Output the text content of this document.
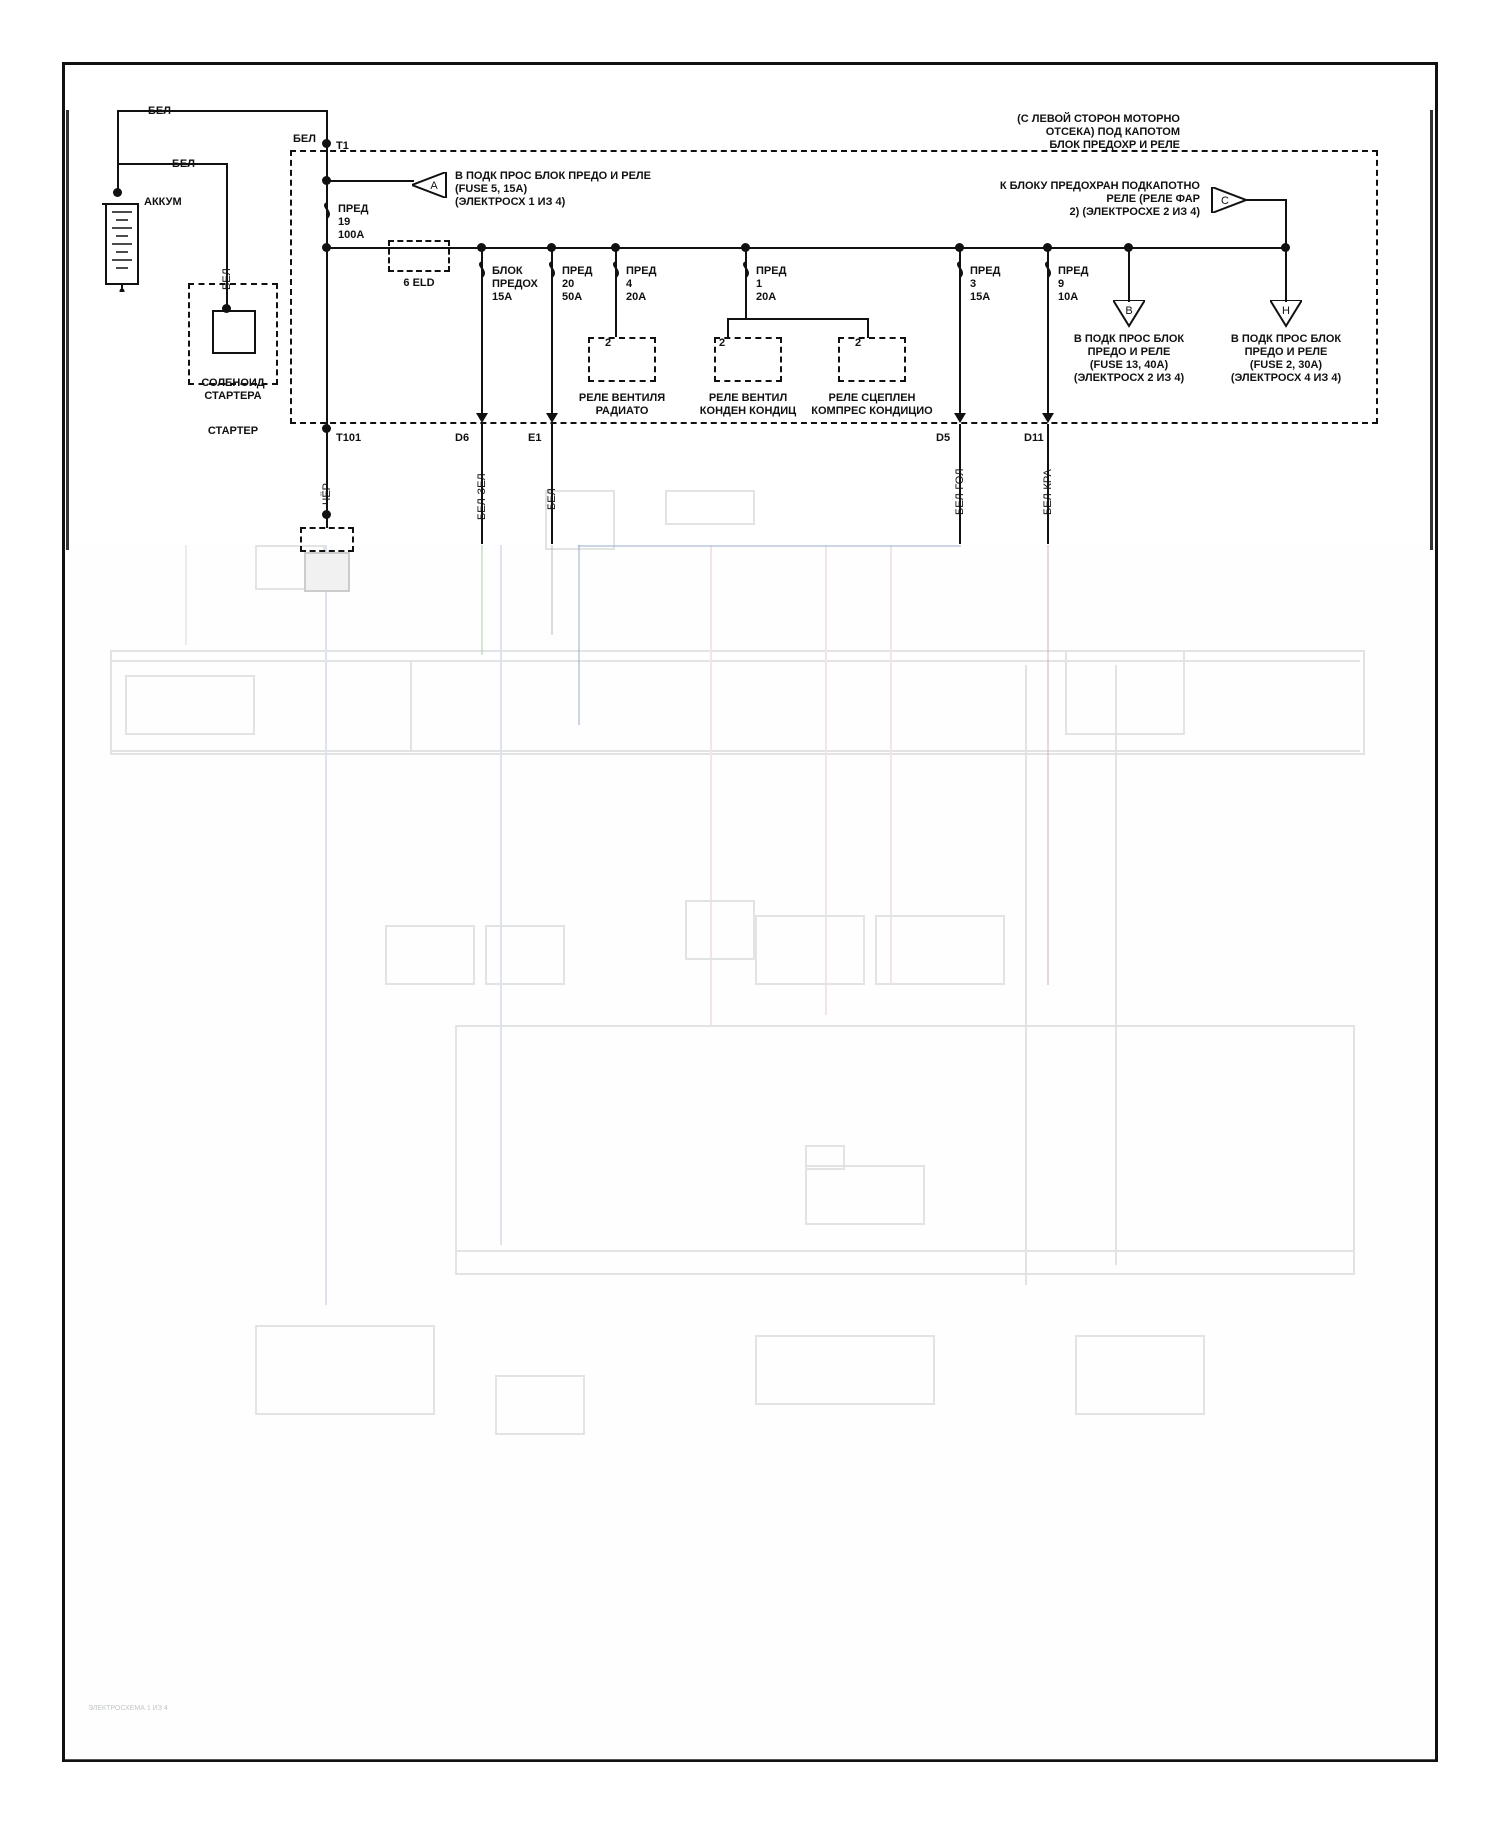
ЭЛЕКТРОСХЕМА 1 ИЗ 4
(С ЛЕВОЙ СТОРОН МОТОРНО
ОТСЕКА) ПОД КАПОТОМ
БЛОК ПРЕДОХР И РЕЛЕ
АККУМ
БЕЛ
БЕЛ
БЕЛ
СОЛЕНОИД
СТАРТЕРА
СТАРТЕР
БЕЛ
T1
T101
ЧЁР
A
В ПОДК ПРОС БЛОК ПРЕДО И РЕЛЕ
(FUSE 5, 15A)
(ЭЛЕКТРОСХ 1 ИЗ 4)	C
К БЛОКУ ПРЕДОХРАН ПОДКАПОТНО
РЕЛЕ (РЕЛЕ ФАР
2) (ЭЛЕКТРОСХЕ 2 ИЗ 4)
ПРЕД
19
100A
6 ELD
БЛОК
ПРЕДОХ
15A
D6
БЕЛ-ЗЕЛ
ПРЕД
20
50A
E1
БЕЛ
ПРЕД
4
20A
2
РЕЛЕ ВЕНТИЛЯ
РАДИАТО
ПРЕД
1
20A
2
РЕЛЕ ВЕНТИЛ
КОНДЕН КОНДИЦ
2
РЕЛЕ СЦЕПЛЕН
КОМПРЕС КОНДИЦИО
ПРЕД
3
15A
D5
БЕЛ-ГОЛ
ПРЕД
9
10A
D11
БЕЛ-КРА
B
В ПОДК ПРОС БЛОК
ПРЕДО И РЕЛЕ
(FUSE 13, 40A)
(ЭЛЕКТРОСХ 2 ИЗ 4)
H
В ПОДК ПРОС БЛОК
ПРЕДО И РЕЛЕ
(FUSE 2, 30A)
(ЭЛЕКТРОСХ 4 ИЗ 4)
